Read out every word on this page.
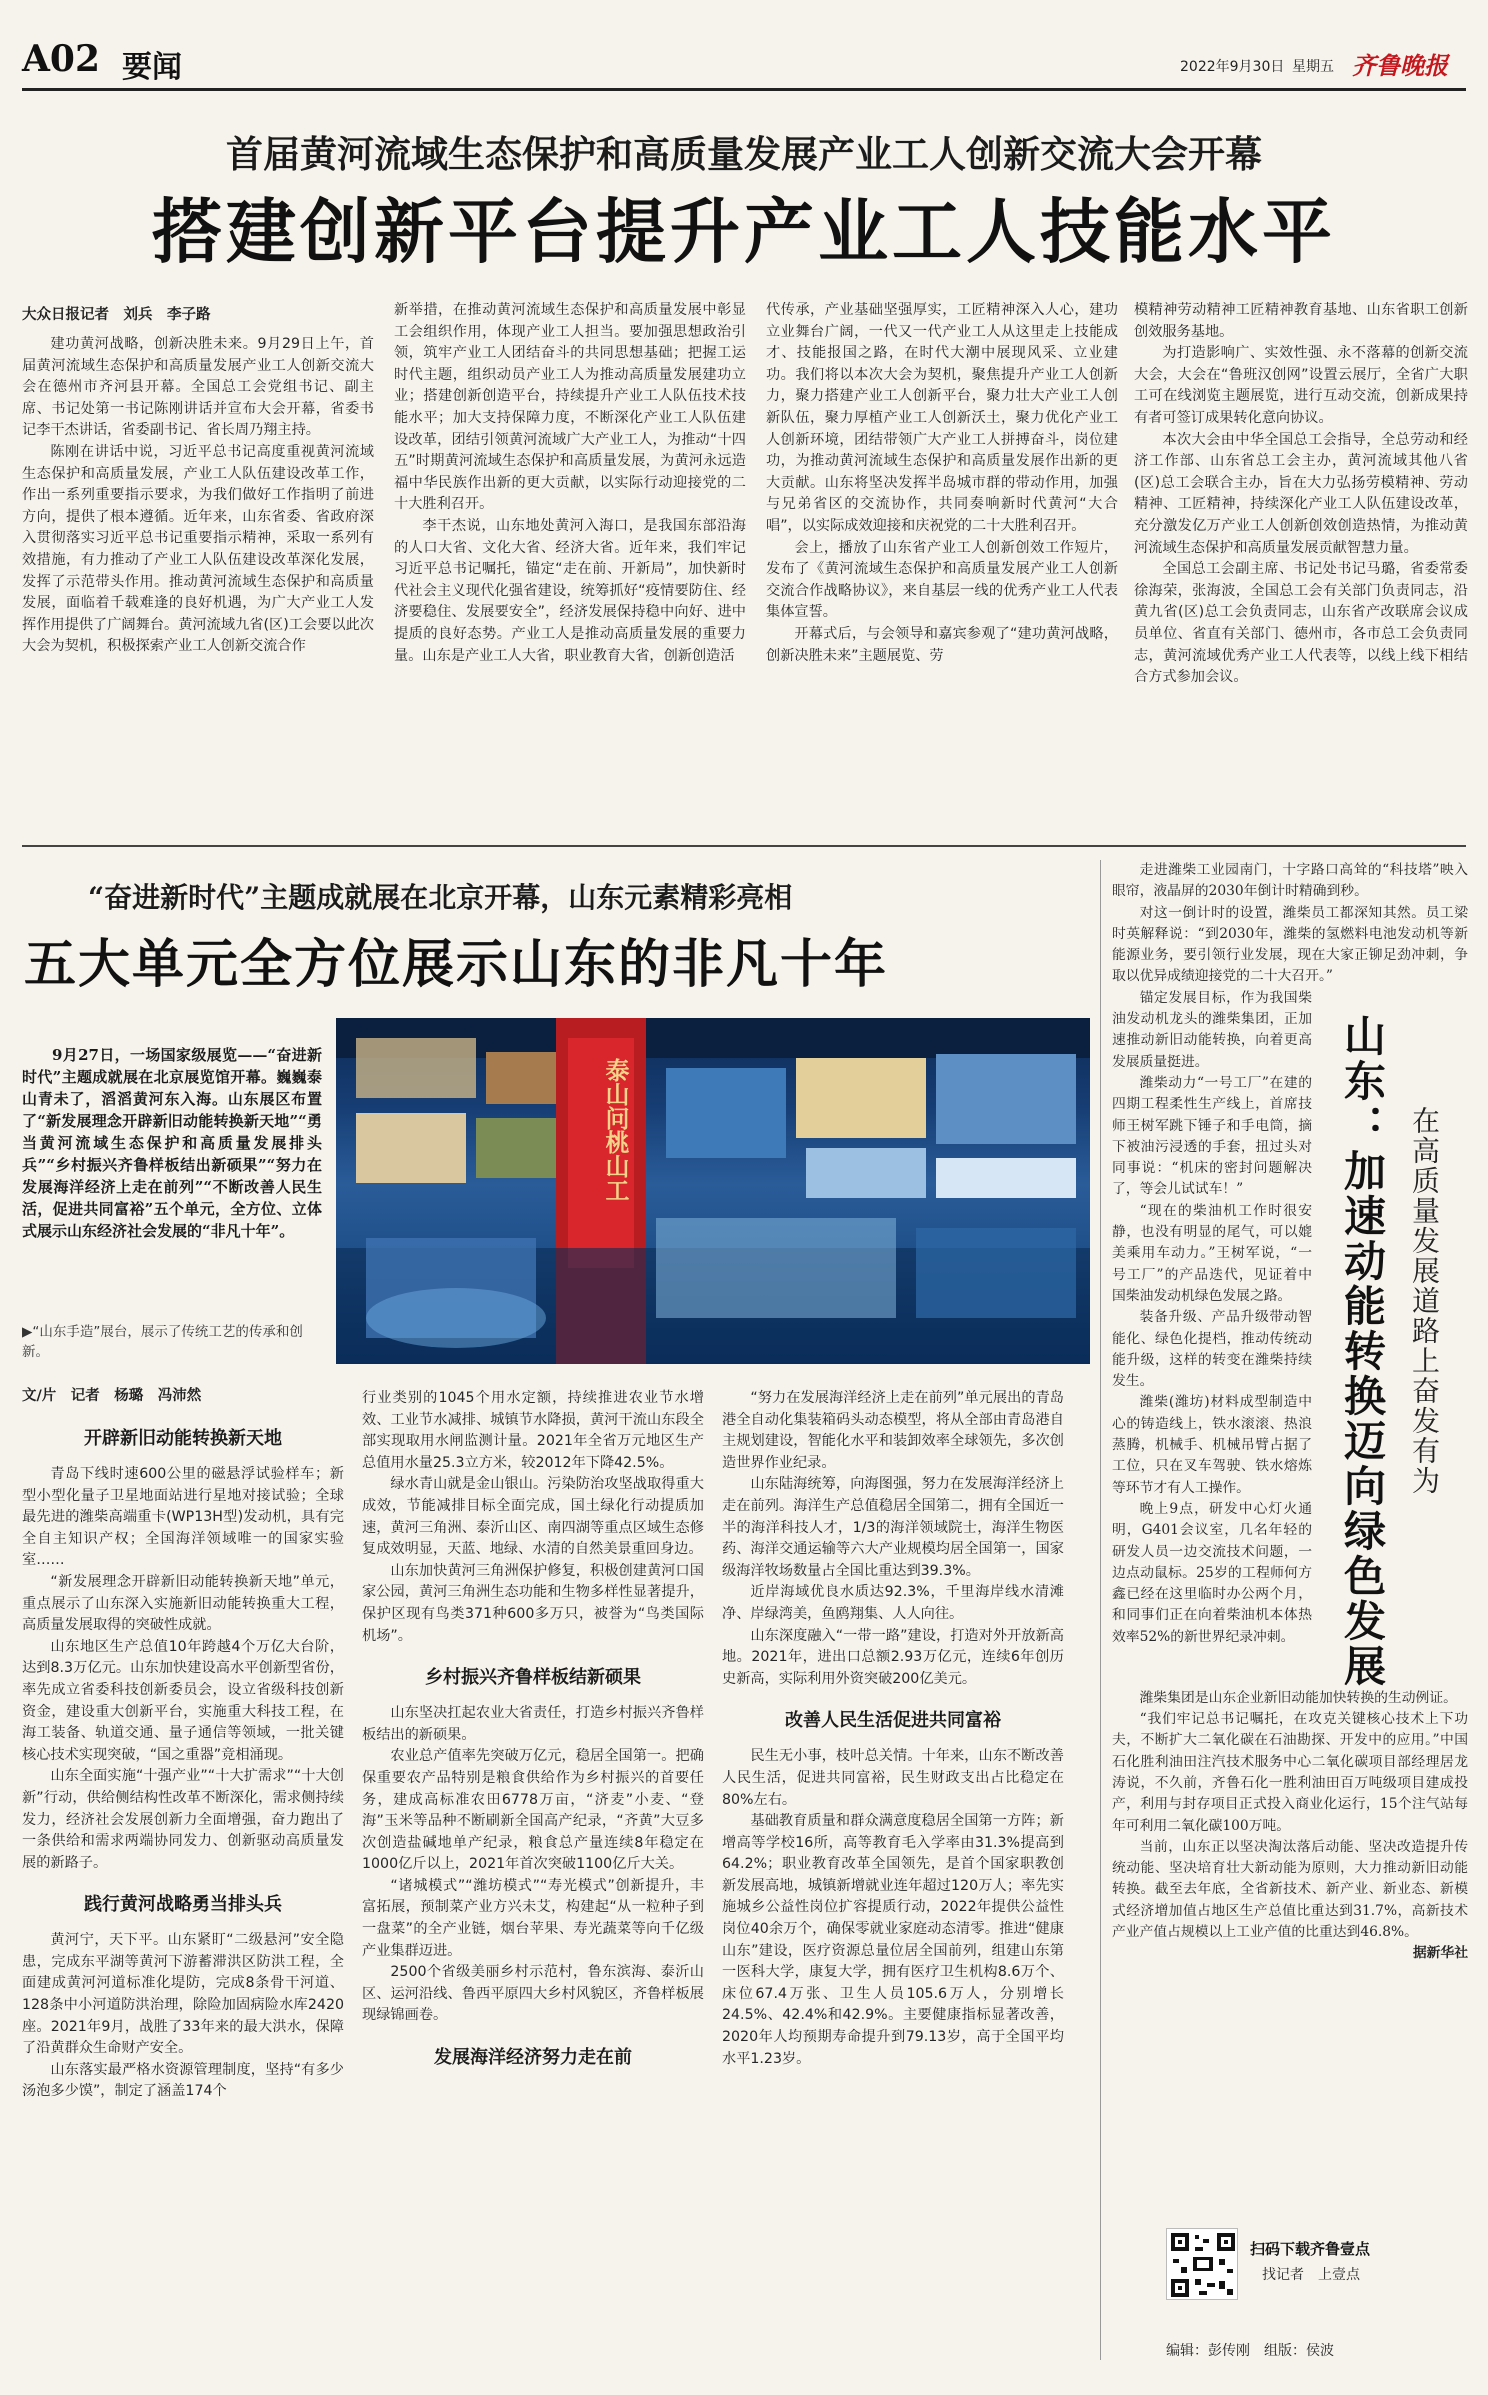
A02 要闻	2022年9月30日 星期五 齐鲁晚报
首届黄河流域生态保护和高质量发展产业工人创新交流大会开幕
搭建创新平台提升产业工人技能水平
大众日报记者　刘兵　李子路

建功黄河战略，创新决胜未来。9月29日上午，首届黄河流域生态保护和高质量发展产业工人创新交流大会在德州市齐河县开幕。全国总工会党组书记、副主席、书记处第一书记陈刚讲话并宣布大会开幕，省委书记李干杰讲话，省委副书记、省长周乃翔主持。

陈刚在讲话中说，习近平总书记高度重视黄河流域生态保护和高质量发展，产业工人队伍建设改革工作，作出一系列重要指示要求，为我们做好工作指明了前进方向，提供了根本遵循。近年来，山东省委、省政府深入贯彻落实习近平总书记重要指示精神，采取一系列有效措施，有力推动了产业工人队伍建设改革深化发展，发挥了示范带头作用。推动黄河流域生态保护和高质量发展，面临着千载难逢的良好机遇，为广大产业工人发挥作用提供了广阔舞台。黄河流域九省(区)工会要以此次大会为契机，积极探索产业工人创新交流合作

新举措，在推动黄河流域生态保护和高质量发展中彰显工会组织作用，体现产业工人担当。要加强思想政治引领，筑牢产业工人团结奋斗的共同思想基础；把握工运时代主题，组织动员产业工人为推动高质量发展建功立业；搭建创新创造平台，持续提升产业工人队伍技术技能水平；加大支持保障力度，不断深化产业工人队伍建设改革，团结引领黄河流域广大产业工人，为推动“十四五”时期黄河流域生态保护和高质量发展，为黄河永远造福中华民族作出新的更大贡献，以实际行动迎接党的二十大胜利召开。

李干杰说，山东地处黄河入海口，是我国东部沿海的人口大省、文化大省、经济大省。近年来，我们牢记习近平总书记嘱托，锚定“走在前、开新局”，加快新时代社会主义现代化强省建设，统筹抓好“疫情要防住、经济要稳住、发展要安全”，经济发展保持稳中向好、进中提质的良好态势。产业工人是推动高质量发展的重要力量。山东是产业工人大省，职业教育大省，创新创造活

代传承，产业基础坚强厚实，工匠精神深入人心，建功立业舞台广阔，一代又一代产业工人从这里走上技能成才、技能报国之路，在时代大潮中展现风采、立业建功。我们将以本次大会为契机，聚焦提升产业工人创新力，聚力搭建产业工人创新平台，聚力壮大产业工人创新队伍，聚力厚植产业工人创新沃土，聚力优化产业工人创新环境，团结带领广大产业工人拼搏奋斗，岗位建功，为推动黄河流域生态保护和高质量发展作出新的更大贡献。山东将坚决发挥半岛城市群的带动作用，加强与兄弟省区的交流协作，共同奏响新时代黄河“大合唱”，以实际成效迎接和庆祝党的二十大胜利召开。

会上，播放了山东省产业工人创新创效工作短片，发布了《黄河流域生态保护和高质量发展产业工人创新交流合作战略协议》，来自基层一线的优秀产业工人代表集体宣誓。

开幕式后，与会领导和嘉宾参观了“建功黄河战略，创新决胜未来”主题展览、劳

模精神劳动精神工匠精神教育基地、山东省职工创新创效服务基地。

为打造影响广、实效性强、永不落幕的创新交流大会，大会在“鲁班汉创网”设置云展厅，全省广大职工可在线浏览主题展览，进行互动交流，创新成果持有者可签订成果转化意向协议。

本次大会由中华全国总工会指导，全总劳动和经济工作部、山东省总工会主办，黄河流域其他八省(区)总工会联合主办，旨在大力弘扬劳模精神、劳动精神、工匠精神，持续深化产业工人队伍建设改革，充分激发亿万产业工人创新创效创造热情，为推动黄河流域生态保护和高质量发展贡献智慧力量。

全国总工会副主席、书记处书记马璐，省委常委徐海荣，张海波，全国总工会有关部门负责同志，沿黄九省(区)总工会负责同志，山东省产改联席会议成员单位、省直有关部门、德州市，各市总工会负责同志，黄河流域优秀产业工人代表等，以线上线下相结合方式参加会议。

“奋进新时代”主题成就展在北京开幕，山东元素精彩亮相
五大单元全方位展示山东的非凡十年

9月27日，一场国家级展览——“奋进新时代”主题成就展在北京展览馆开幕。巍巍泰山青未了，滔滔黄河东入海。山东展区布置了“新发展理念开辟新旧动能转换新天地”“勇当黄河流域生态保护和高质量发展排头兵”“乡村振兴齐鲁样板结出新硕果”“努力在发展海洋经济上走在前列”“不断改善人民生活，促进共同富裕”五个单元，全方位、立体式展示山东经济社会发展的“非凡十年”。

泰山问桃山工
▶“山东手造”展台，展示了传统工艺的传承和创新。
文/片　记者　杨璐　冯沛然
开辟新旧动能转换新天地

青岛下线时速600公里的磁悬浮试验样车；新型小型化量子卫星地面站进行星地对接试验；全球最先进的潍柴高端重卡(WP13H型)发动机，具有完全自主知识产权；全国海洋领域唯一的国家实验室……

“新发展理念开辟新旧动能转换新天地”单元，重点展示了山东深入实施新旧动能转换重大工程，高质量发展取得的突破性成就。

山东地区生产总值10年跨越4个万亿大台阶，达到8.3万亿元。山东加快建设高水平创新型省份，率先成立省委科技创新委员会，设立省级科技创新资金，建设重大创新平台，实施重大科技工程，在海工装备、轨道交通、量子通信等领域，一批关键核心技术实现突破，“国之重器”竞相涌现。

山东全面实施“十强产业”“十大扩需求”“十大创新”行动，供给侧结构性改革不断深化，需求侧持续发力，经济社会发展创新力全面增强，奋力跑出了一条供给和需求两端协同发力、创新驱动高质量发展的新路子。

践行黄河战略勇当排头兵

黄河宁，天下平。山东紧盯“二级悬河”安全隐患，完成东平湖等黄河下游蓄滞洪区防洪工程，全面建成黄河河道标准化堤防，完成8条骨干河道、128条中小河道防洪治理，除险加固病险水库2420座。2021年9月，战胜了33年来的最大洪水，保障了沿黄群众生命财产安全。

山东落实最严格水资源管理制度，坚持“有多少汤泡多少馍”，制定了涵盖174个

行业类别的1045个用水定额，持续推进农业节水增效、工业节水减排、城镇节水降损，黄河干流山东段全部实现取用水闸监测计量。2021年全省万元地区生产总值用水量25.3立方米，较2012年下降42.5%。

绿水青山就是金山银山。污染防治攻坚战取得重大成效，节能减排目标全面完成，国土绿化行动提质加速，黄河三角洲、泰沂山区、南四湖等重点区域生态修复成效明显，天蓝、地绿、水清的自然美景重回身边。

山东加快黄河三角洲保护修复，积极创建黄河口国家公园，黄河三角洲生态功能和生物多样性显著提升，保护区现有鸟类371种600多万只，被誉为“鸟类国际机场”。

乡村振兴齐鲁样板结新硕果

山东坚决扛起农业大省责任，打造乡村振兴齐鲁样板结出的新硕果。

农业总产值率先突破万亿元，稳居全国第一。把确保重要农产品特别是粮食供给作为乡村振兴的首要任务，建成高标准农田6778万亩，“济麦”小麦、“登海”玉米等品种不断刷新全国高产纪录，“齐黄”大豆多次创造盐碱地单产纪录，粮食总产量连续8年稳定在1000亿斤以上，2021年首次突破1100亿斤大关。

“诸城模式”“潍坊模式”“寿光模式”创新提升，丰富拓展，预制菜产业方兴未艾，构建起“从一粒种子到一盘菜”的全产业链，烟台苹果、寿光蔬菜等向千亿级产业集群迈进。

2500个省级美丽乡村示范村，鲁东滨海、泰沂山区、运河沿线、鲁西平原四大乡村风貌区，齐鲁样板展现绿锦画卷。

发展海洋经济努力走在前

“努力在发展海洋经济上走在前列”单元展出的青岛港全自动化集装箱码头动态模型，将从全部由青岛港自主规划建设，智能化水平和装卸效率全球领先，多次创造世界作业纪录。

山东陆海统筹，向海图强，努力在发展海洋经济上走在前列。海洋生产总值稳居全国第二，拥有全国近一半的海洋科技人才，1/3的海洋领域院士，海洋生物医药、海洋交通运输等六大产业规模均居全国第一，国家级海洋牧场数量占全国比重达到39.3%。

近岸海域优良水质达92.3%，千里海岸线水清滩净、岸绿湾美，鱼鸥翔集、人人向往。

山东深度融入“一带一路”建设，打造对外开放新高地。2021年，进出口总额2.93万亿元，连续6年创历史新高，实际利用外资突破200亿美元。

改善人民生活促进共同富裕

民生无小事，枝叶总关情。十年来，山东不断改善人民生活，促进共同富裕，民生财政支出占比稳定在80%左右。

基础教育质量和群众满意度稳居全国第一方阵；新增高等学校16所，高等教育毛入学率由31.3%提高到64.2%；职业教育改革全国领先，是首个国家职教创新发展高地，城镇新增就业连年超过120万人；率先实施城乡公益性岗位扩容提质行动，2022年提供公益性岗位40余万个，确保零就业家庭动态清零。推进“健康山东”建设，医疗资源总量位居全国前列，组建山东第一医科大学，康复大学，拥有医疗卫生机构8.6万个、床位67.4万张、卫生人员105.6万人，分别增长24.5%、42.4%和42.9%。主要健康指标显著改善，2020年人均预期寿命提升到79.13岁，高于全国平均水平1.23岁。

走进潍柴工业园南门，十字路口高耸的“科技塔”映入眼帘，液晶屏的2030年倒计时精确到秒。

对这一倒计时的设置，潍柴员工都深知其然。员工梁时英解释说：“到2030年，潍柴的氢燃料电池发动机等新能源业务，要引领行业发展，现在大家正铆足劲冲刺，争取以优异成绩迎接党的二十大召开。”

锚定发展目标，作为我国柴油发动机龙头的潍柴集团，正加速推动新旧动能转换，向着更高发展质量挺进。

潍柴动力“一号工厂”在建的四期工程柔性生产线上，首席技师王树军跳下锤子和手电筒，摘下被油污浸透的手套，扭过头对同事说：“机床的密封问题解决了，等会儿试试车！”

“现在的柴油机工作时很安静，也没有明显的尾气，可以媲美乘用车动力。”王树军说，“一号工厂”的产品迭代，见证着中国柴油发动机绿色发展之路。

装备升级、产品升级带动智能化、绿色化提档，推动传统动能升级，这样的转变在潍柴持续发生。

潍柴(潍坊)材料成型制造中心的铸造线上，铁水滚滚、热浪蒸腾，机械手、机械吊臂占据了工位，只在叉车驾驶、铁水熔炼等环节才有人工操作。

晚上9点，研发中心灯火通明，G401会议室，几名年轻的研发人员一边交流技术问题，一边点动鼠标。25岁的工程师何方鑫已经在这里临时办公两个月，和同事们正在向着柴油机本体热效率52%的新世界纪录冲刺。	山东：加速动能转换迈向绿色发展 在高质量发展道路上奋发有为

潍柴集团是山东企业新旧动能加快转换的生动例证。

“我们牢记总书记嘱托，在攻克关键核心技术上下功夫，不断扩大二氧化碳在石油勘探、开发中的应用。”中国石化胜利油田注汽技术服务中心二氧化碳项目部经理居龙涛说，不久前，齐鲁石化一胜利油田百万吨级项目建成投产，利用与封存项目正式投入商业化运行，15个注气站每年可利用二氧化碳100万吨。

当前，山东正以坚决淘汰落后动能、坚决改造提升传统动能、坚决培育壮大新动能为原则，大力推动新旧动能转换。截至去年底，全省新技术、新产业、新业态、新模式经济增加值占地区生产总值比重达到31.7%，高新技术产业产值占规模以上工业产值的比重达到46.8%。

据新华社

扫码下载齐鲁壹点
找记者　上壹点
编辑：彭传刚　组版：侯波
